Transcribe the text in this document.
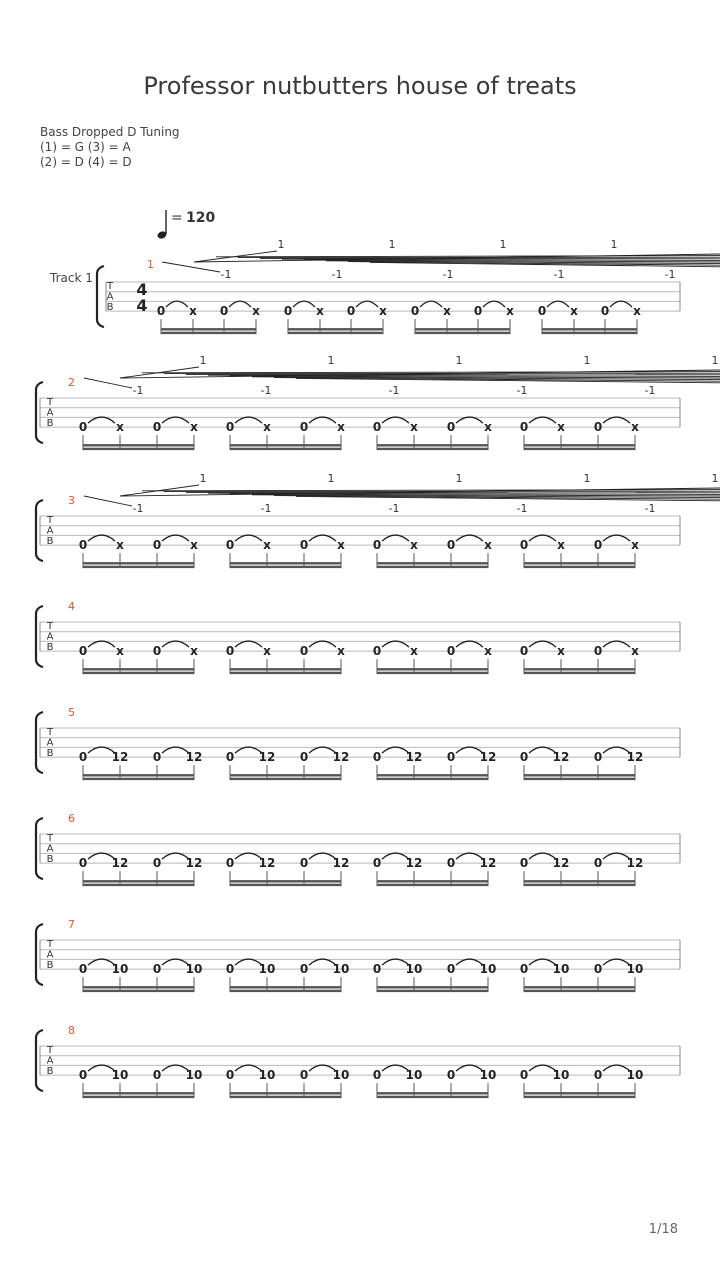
Professor nutbutters house of treats
Bass Dropped D Tuning
(1) = G (3) = A
(2) = D (4) = D
= 120
Track 1
1/18
T
A
B
4
4
1
0 x 0 x 0 x 0 x 0 x 0 x 0 x 0 x
1
-1
1
-1
1
-1
1
-1	-1
T
A
B
2
0 x 0 x 0 x 0 x 0 x 0 x 0 x 0 x
1
-1
1
-1
1
-1
1
-1
1
-1
T
A
B
3
0 x 0 x 0 x 0 x 0 x 0 x 0 x 0 x
1
-1
1
-1
1
-1
1
-1
1
-1
T
A
B
4
0 x 0 x 0 x 0 x 0 x 0 x 0 x 0 x
T
A
B
5
0 12 0 12 0 12 0 12 0 12 0 12 0 12 0 12
T
A
B
6
0 12 0 12 0 12 0 12 0 12 0 12 0 12 0 12
T
A
B
7
0 10 0 10 0 10 0 10 0 10 0 10 0 10 0 10
T
A
B
8
0 10 0 10 0 10 0 10 0 10 0 10 0 10 0 10
